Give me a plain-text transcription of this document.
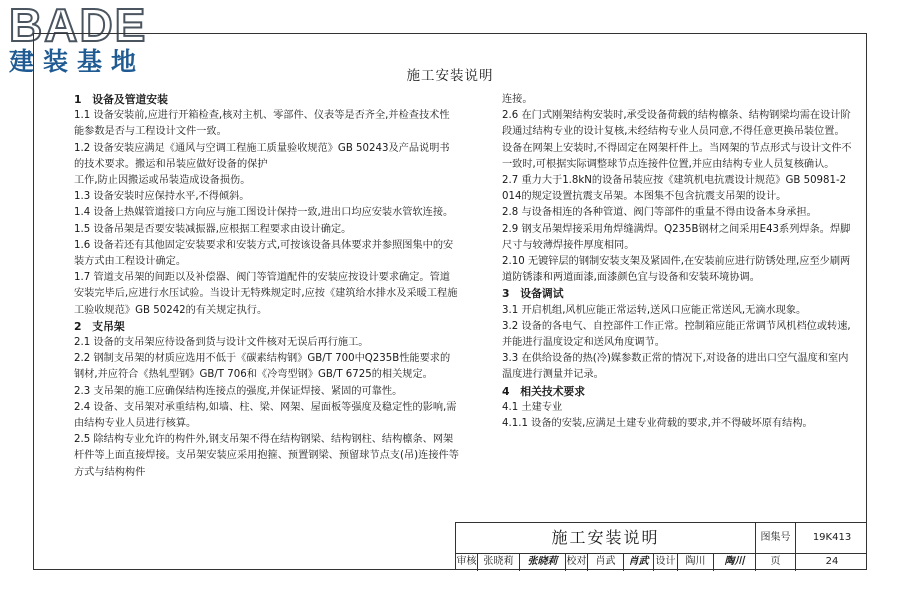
BADE
建装基地	施工安装说明

1　设备及管道安装

1.1 设备安装前,应进行开箱检查,核对主机、零部件、仪表等是否齐全,并检查技术性能参数是否与工程设计文件一致。

1.2 设备安装应满足《通风与空调工程施工质量验收规范》GB 50243及产品说明书的技术要求。搬运和吊装应做好设备的保护

工作,防止因搬运或吊装造成设备损伤。

1.3 设备安装时应保持水平,不得倾斜。

1.4 设备上热媒管道接口方向应与施工图设计保持一致,进出口均应安装水管软连接。

1.5 设备吊架是否要安装减振器,应根据工程要求由设计确定。

1.6 设备若还有其他固定安装要求和安装方式,可按该设备具体要求并参照图集中的安装方式由工程设计确定。

1.7 管道支吊架的间距以及补偿器、阀门等管道配件的安装应按设计要求确定。管道安装完毕后,应进行水压试验。当设计无特殊规定时,应按《建筑给水排水及采暖工程施工验收规范》GB 50242的有关规定执行。

2　支吊架

2.1 设备的支吊架应待设备到货与设计文件核对无误后再行施工。

2.2 钢制支吊架的材质应选用不低于《碳素结构钢》GB/T 700中Q235B性能要求的钢材,并应符合《热轧型钢》GB/T 706和《冷弯型钢》GB/T 6725的相关规定。

2.3 支吊架的施工应确保结构连接点的强度,并保证焊接、紧固的可靠性。

2.4 设备、支吊架对承重结构,如墙、柱、梁、网架、屋面板等强度及稳定性的影响,需由结构专业人员进行核算。

2.5 除结构专业允许的构件外,钢支吊架不得在结构钢梁、结构钢柱、结构檩条、网架杆件等上面直接焊接。支吊架安装应采用抱箍、预置钢梁、预留球节点支(吊)连接件等方式与结构构件

连接。

2.6 在门式刚架结构安装时,承受设备荷载的结构檩条、结构钢梁均需在设计阶段通过结构专业的设计复核,未经结构专业人员同意,不得任意更换吊装位置。设备在网架上安装时,不得固定在网架杆件上。当网架的节点形式与设计文件不一致时,可根据实际调整球节点连接件位置,并应由结构专业人员复核确认。

2.7 重力大于1.8kN的设备吊装应按《建筑机电抗震设计规范》GB 50981-2014的规定设置抗震支吊架。本图集不包含抗震支吊架的设计。

2.8 与设备相连的各种管道、阀门等部件的重量不得由设备本身承担。

2.9 钢支吊架焊接采用角焊缝满焊。Q235B钢材之间采用E43系列焊条。焊脚尺寸与较薄焊接件厚度相同。

2.10 无镀锌层的钢制安装支架及紧固件,在安装前应进行防锈处理,应至少刷两道防锈漆和两道面漆,面漆颜色宜与设备和安装环境协调。

3　设备调试

3.1 开启机组,风机应能正常运转,送风口应能正常送风,无滴水现象。

3.2 设备的各电气、自控部件工作正常。控制箱应能正常调节风机档位或转速,并能进行温度设定和送风角度调节。

3.3 在供给设备的热(冷)媒参数正常的情况下,对设备的进出口空气温度和室内温度进行测量并记录。

4　相关技术要求

4.1 土建专业

4.1.1 设备的安装,应满足土建专业荷载的要求,并不得破坏原有结构。

施工安装说明	图集号	19K413
审核 张晓莉	张晓莉 校对 肖武	肖武 设计	陶川	陶川	页	24
